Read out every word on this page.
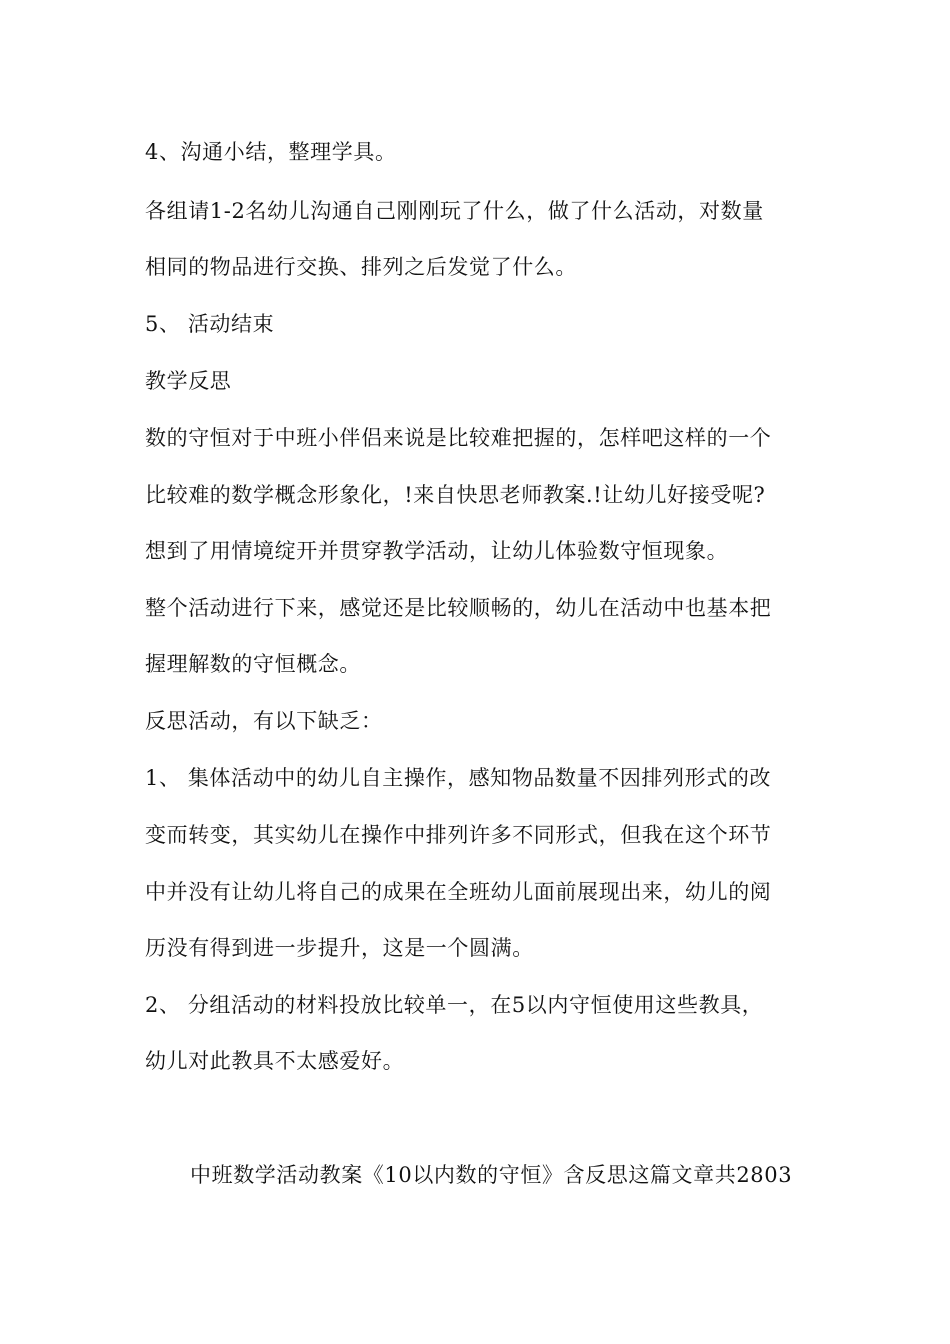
4、沟通小结，整理学具。
各组请1-2名幼儿沟通自己刚刚玩了什么，做了什么活动，对数量
相同的物品进行交换、排列之后发觉了什么。
5、 活动结束
教学反思
数的守恒对于中班小伴侣来说是比较难把握的，怎样吧这样的一个
比较难的数学概念形象化，!来自快思老师教案.!让幼儿好接受呢?
想到了用情境绽开并贯穿教学活动，让幼儿体验数守恒现象。
整个活动进行下来，感觉还是比较顺畅的，幼儿在活动中也基本把
握理解数的守恒概念。
反思活动，有以下缺乏：
1、 集体活动中的幼儿自主操作，感知物品数量不因排列形式的改
变而转变，其实幼儿在操作中排列许多不同形式，但我在这个环节
中并没有让幼儿将自己的成果在全班幼儿面前展现出来，幼儿的阅
历没有得到进一步提升，这是一个圆满。
2、 分组活动的材料投放比较单一，在5以内守恒使用这些教具，
幼儿对此教具不太感爱好。
中班数学活动教案《10以内数的守恒》含反思这篇文章共2803
